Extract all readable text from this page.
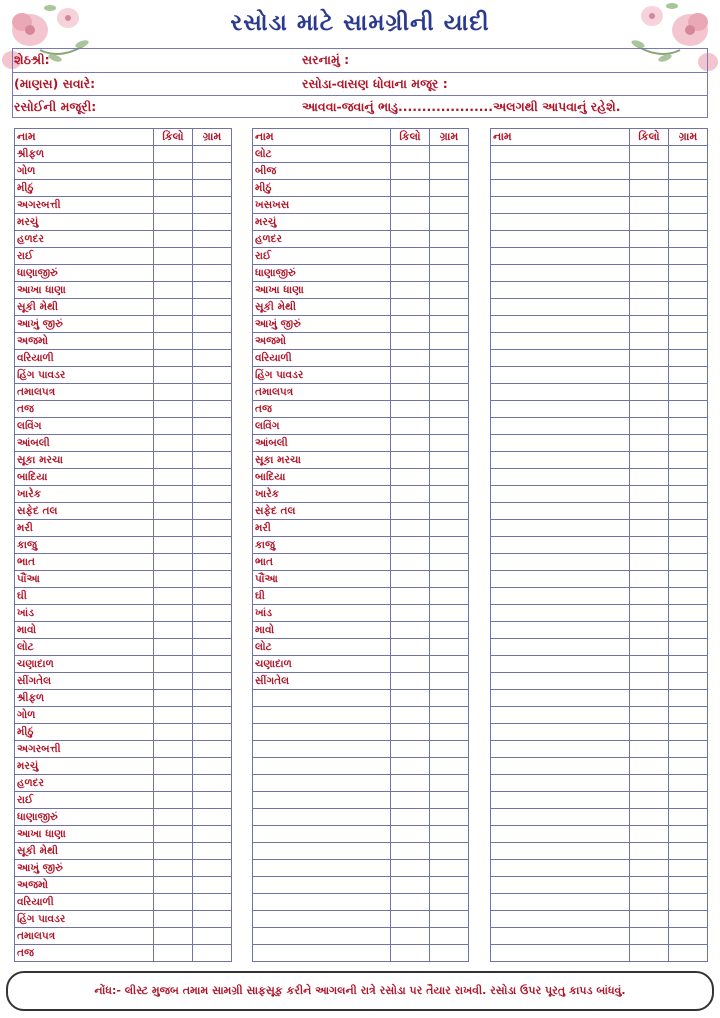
રસોડા માટે સામગ્રીની યાદી
શેઠશ્રી:	સરનામું :
(માણસ) સવારે:	રસોડા-વાસણ ધોવાના મજૂર :
રસોઈની મજૂરી:	આવવા-જવાનું ભાડુ....................અલગથી આપવાનું રહેશે.
નામ	કિલો	ગ્રામ
શ્રીફળ		
ગોળ		
મીઠું		
અગરબત્તી		
મરચું		
હળદર		
રાઈ		
ધાણાજીરું		
આખા ધાણા		
સૂકી મેથી		
આખું જીરું		
અજમો		
વરિયાળી		
હિંગ પાવડર		
તમાલપત્ર		
તજ		
લવિંગ		
આંબલી		
સૂકા મરચા		
બાદિયા		
ખારેક		
સફેદ તલ		
મરી		
કાજુ		
ભાત		
પૌંઆ		
ઘી		
ખાંડ		
માવો		
લોટ		
ચણાદાળ		
સીંગતેલ		
શ્રીફળ		
ગોળ		
મીઠું		
અગરબત્તી		
મરચું		
હળદર		
રાઈ		
ધાણાજીરું		
આખા ધાણા		
સૂકી મેથી		
આખું જીરું		
અજમો		
વરિયાળી		
હિંગ પાવડર		
તમાલપત્ર		
તજ		
નામ	કિલો	ગ્રામ
લોટ		
બીજ		
મીઠું		
ખસખસ		
મરચું		
હળદર		
રાઈ		
ધાણાજીરું		
આખા ધાણા		
સૂકી મેથી		
આખું જીરું		
અજમો		
વરિયાળી		
હિંગ પાવડર		
તમાલપત્ર		
તજ		
લવિંગ		
આંબલી		
સૂકા મરચા		
બાદિયા		
ખારેક		
સફેદ તલ		
મરી		
કાજુ		
ભાત		
પૌંઆ		
ઘી		
ખાંડ		
માવો		
લોટ		
ચણાદાળ		
સીંગતેલ		

નામ	કિલો	ગ્રામ

નોંધ:- લીસ્ટ મુજબ તમામ સામગ્રી સાફસૂફ કરીને આગલની રાત્રે રસોડા પર તૈયાર રાખવી. રસોડા ઉપર પૂરતુ કાપડ બાંધવું.
